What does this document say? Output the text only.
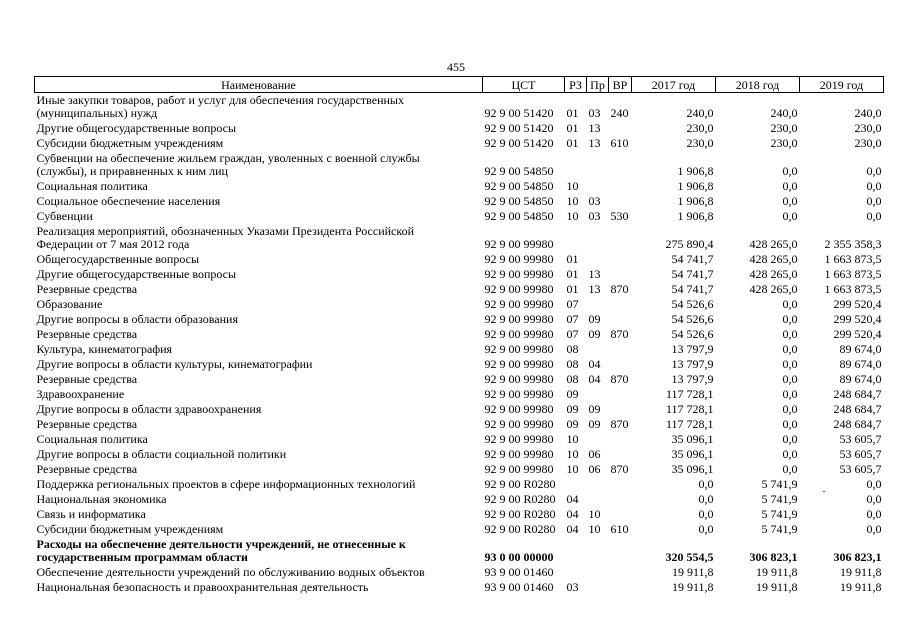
455
Наименование	ЦСТ	РЗ	Пр	ВР	2017 год	2018 год	2019 год
Иные закупки товаров, работ и услуг для обеспечения государственных (муниципальных) нужд	92 9 00 51420	01	03	240	240,0	240,0	240,0
Другие общегосударственные вопросы	92 9 00 51420	01	13		230,0	230,0	230,0
Субсидии бюджетным учреждениям	92 9 00 51420	01	13	610	230,0	230,0	230,0
Субвенции на обеспечение жильем граждан, уволенных с военной службы (службы), и приравненных к ним лиц	92 9 00 54850				1 906,8	0,0	0,0
Социальная политика	92 9 00 54850	10			1 906,8	0,0	0,0
Социальное обеспечение населения	92 9 00 54850	10	03		1 906,8	0,0	0,0
Субвенции	92 9 00 54850	10	03	530	1 906,8	0,0	0,0
Реализация мероприятий, обозначенных Указами Президента Российской Федерации от 7 мая 2012 года	92 9 00 99980				275 890,4	428 265,0	2 355 358,3
Общегосударственные вопросы	92 9 00 99980	01			54 741,7	428 265,0	1 663 873,5
Другие общегосударственные вопросы	92 9 00 99980	01	13		54 741,7	428 265,0	1 663 873,5
Резервные средства	92 9 00 99980	01	13	870	54 741,7	428 265,0	1 663 873,5
Образование	92 9 00 99980	07			54 526,6	0,0	299 520,4
Другие вопросы в области образования	92 9 00 99980	07	09		54 526,6	0,0	299 520,4
Резервные средства	92 9 00 99980	07	09	870	54 526,6	0,0	299 520,4
Культура, кинематография	92 9 00 99980	08			13 797,9	0,0	89 674,0
Другие вопросы в области культуры, кинематографии	92 9 00 99980	08	04		13 797,9	0,0	89 674,0
Резервные средства	92 9 00 99980	08	04	870	13 797,9	0,0	89 674,0
Здравоохранение	92 9 00 99980	09			117 728,1	0,0	248 684,7
Другие вопросы в области здравоохранения	92 9 00 99980	09	09		117 728,1	0,0	248 684,7
Резервные средства	92 9 00 99980	09	09	870	117 728,1	0,0	248 684,7
Социальная политика	92 9 00 99980	10			35 096,1	0,0	53 605,7
Другие вопросы в области социальной политики	92 9 00 99980	10	06		35 096,1	0,0	53 605,7
Резервные средства	92 9 00 99980	10	06	870	35 096,1	0,0	53 605,7
Поддержка региональных проектов в сфере информационных технологий	92 9 00 R0280				0,0	5 741,9	0,0
Национальная экономика	92 9 00 R0280	04			0,0	5 741,9	0,0
Связь и информатика	92 9 00 R0280	04	10		0,0	5 741,9	0,0
Субсидии бюджетным учреждениям	92 9 00 R0280	04	10	610	0,0	5 741,9	0,0
Расходы на обеспечение деятельности учреждений, не отнесенные к государственным программам области	93 0 00 00000				320 554,5	306 823,1	306 823,1
Обеспечение деятельности учреждений по обслуживанию водных объектов	93 9 00 01460				19 911,8	19 911,8	19 911,8
Национальная безопасность и правоохранительная деятельность	93 9 00 01460	03			19 911,8	19 911,8	19 911,8
·
